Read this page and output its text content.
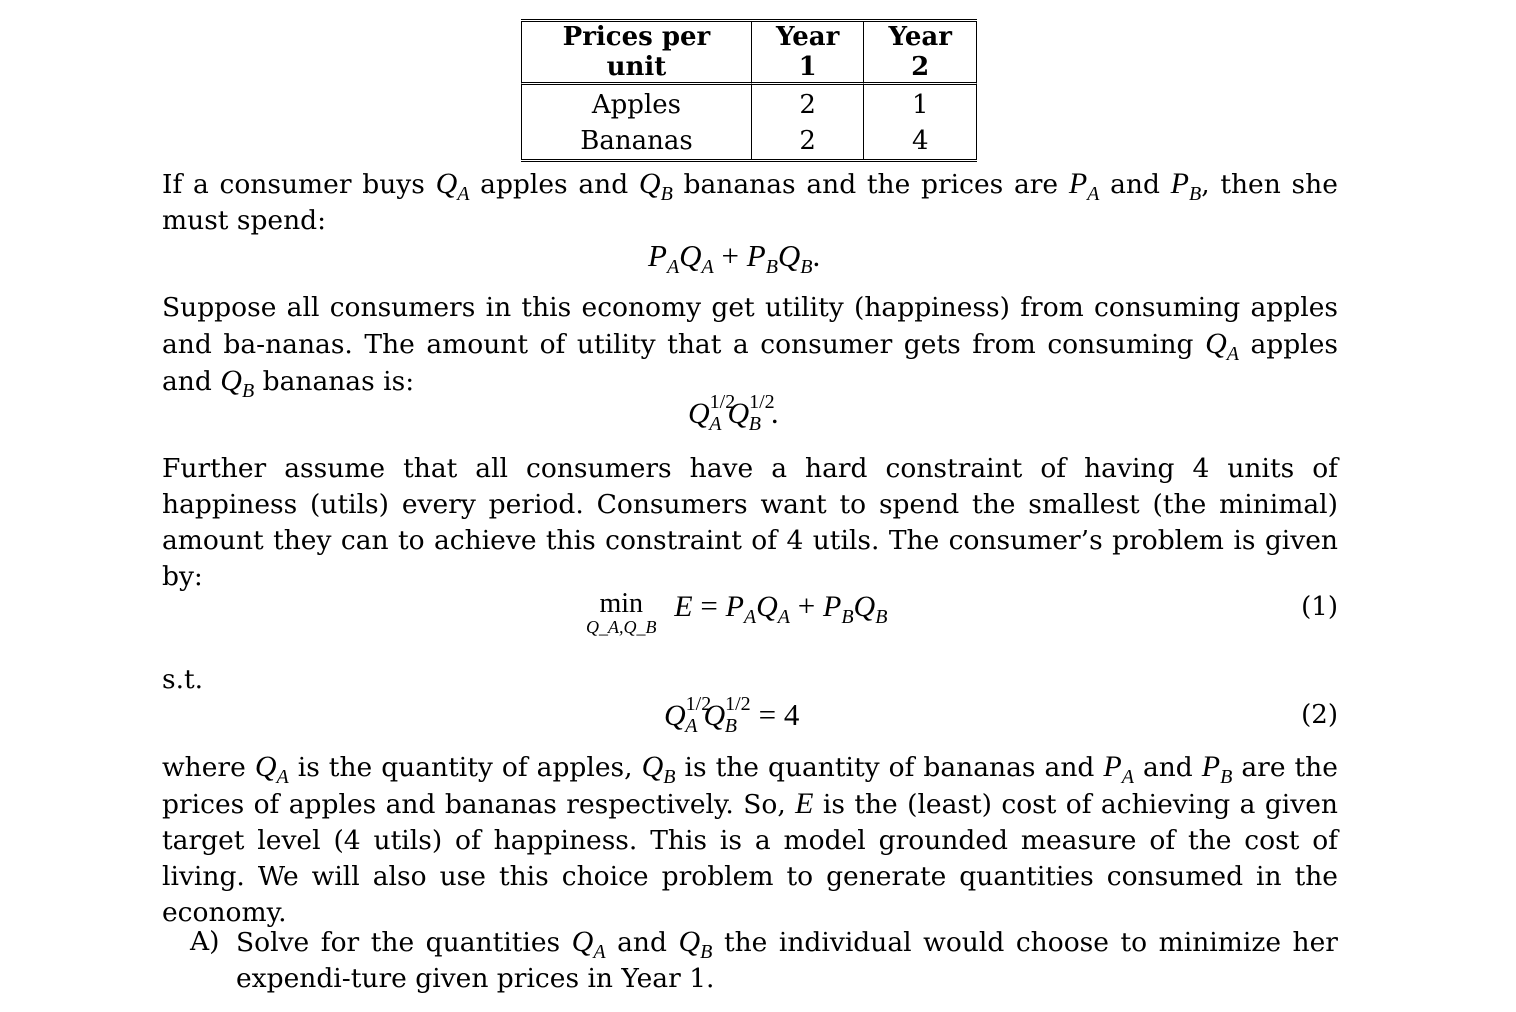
Prices per unit	Year 1	Year 2
Apples	2	1
Bananas	2	4
If a consumer buys $Q_A$ apples and $Q_B$ bananas and the prices are $P_A$ and $P_B$, then she must spend:
$P_AQ_A + P_BQ_B$.
Suppose all consumers in this economy get utility (happiness) from consuming apples and ba-nanas. The amount of utility that a consumer gets from consuming $Q_A$ apples and $Q_B$ bananas is:
$Q^{1/2}_A$ $Q^{1/2}_B$ .
Further assume that all consumers have a hard constraint of having 4 units of happiness (utils) every period. Consumers want to spend the smallest (the minimal) amount they can to achieve this constraint of 4 utils. The consumer’s problem is given by:
min
Q_A,Q_B
$E = P_AQ_A + P_BQ_B$	(1)
s.t.
$Q^{1/2}_A$ $Q^{1/2}_B = 4$	(2)
where $Q_A$ is the quantity of apples, $Q_B$ is the quantity of bananas and $P_A$ and $P_B$ are the prices of apples and bananas respectively. So, E is the (least) cost of achieving a given target level (4 utils) of happiness. This is a model grounded measure of the cost of living. We will also use this choice problem to generate quantities consumed in the economy.
A) Solve for the quantities $Q_A$ and $Q_B$ the individual would choose to minimize her expendi-ture given prices in Year 1.
